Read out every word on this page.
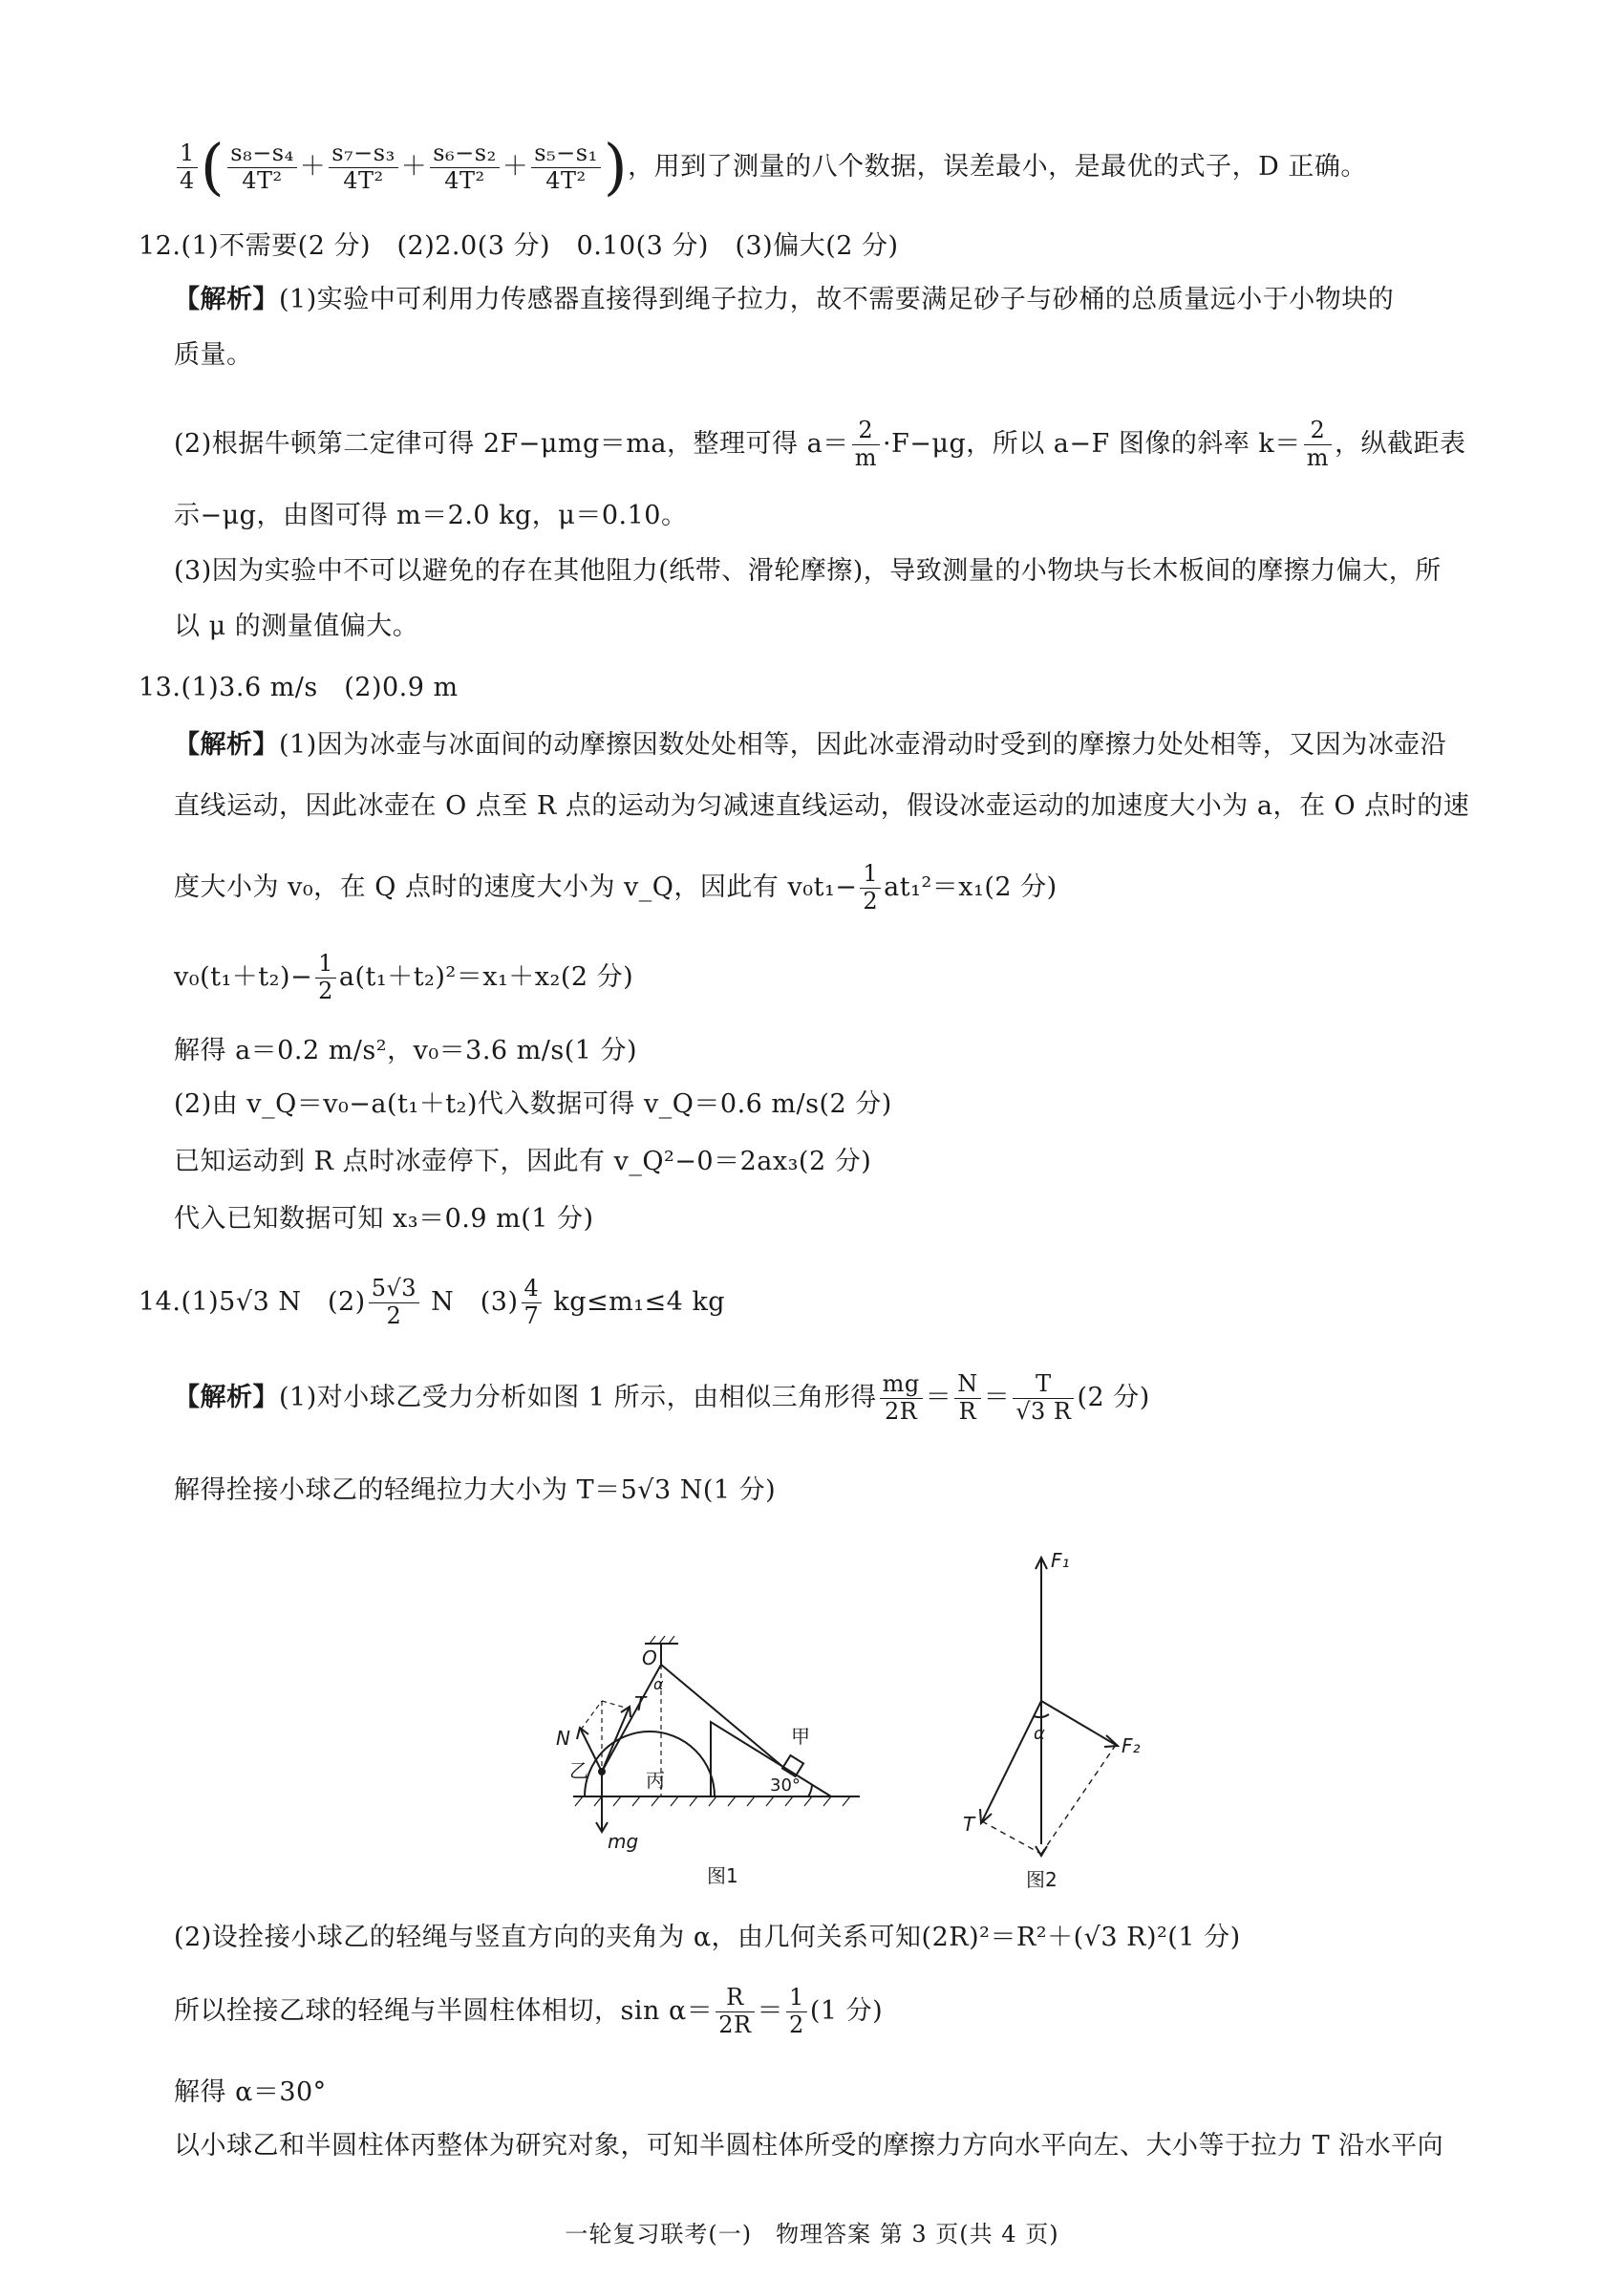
$\frac{1}{4}$ ( $\frac{\text{s₈−s₄}}{\text{4T²}} + \frac{\text{s₇−s₃}}{\text{4T²}} + \frac{\text{s₆−s₂}}{\text{4T²}} + \frac{\text{s₅−s₁}}{\text{4T²}}$ )，用到了测量的八个数据，误差最小，是最优的式子，D 正确。
12.(1)不需要(2 分)　(2)2.0(3 分)　0.10(3 分)　(3)偏大(2 分)
【解析】(1)实验中可利用力传感器直接得到绳子拉力，故不需要满足砂子与砂桶的总质量远小于小物块的
质量。
(2)根据牛顿第二定律可得 2F−μmg＝ma，整理可得 $a= \frac{2}{m} \cdot F-\mu g$，所以 a−F 图像的斜率 $k= \frac{2}{m}$ ，纵截距表
示−μg，由图可得 m＝2.0 kg，μ＝0.10。
(3)因为实验中不可以避免的存在其他阻力(纸带、滑轮摩擦)，导致测量的小物块与长木板间的摩擦力偏大，所
以 μ 的测量值偏大。
13.(1)3.6 m/s　(2)0.9 m
【解析】(1)因为冰壶与冰面间的动摩擦因数处处相等，因此冰壶滑动时受到的摩擦力处处相等，又因为冰壶沿
直线运动，因此冰壶在 O 点至 R 点的运动为匀减速直线运动，假设冰壶运动的加速度大小为 a，在 O 点时的速
度大小为 v₀，在 Q 点时的速度大小为 v_Q，因此有 $v_0t_1- \frac{1}{2} at_1^2=x_1(2$ 分)
$v_0(t_1+t_2)- \frac{1}{2} a(t_1+t_2)^2=x_1+x_2(2$ 分)
解得 a＝0.2 m/s²，v₀＝3.6 m/s(1 分)
(2)由 v_Q＝v₀−a(t₁＋t₂)代入数据可得 v_Q＝0.6 m/s(2 分)
已知运动到 R 点时冰壶停下，因此有 v_Q²−0＝2ax₃(2 分)
代入已知数据可知 x₃＝0.9 m(1 分)
14.(1)5√3 N　$(2) \frac{5√3}{2}$ N　$(3) \frac{4}{7} kg\le m_1\le 4$ kg
【解析】(1)对小球乙受力分析如图 1 所示，由相似三角形得 $\frac{mg}{2R} = \frac{N}{R} = \frac{T}{√3 R} (2$ 分)
解得拴接小球乙的轻绳拉力大小为 T＝5√3 N(1 分)
O
α
T
N
mg
乙	丙
甲
30°
图1
F₁
F₂
T
α
图2
(2)设拴接小球乙的轻绳与竖直方向的夹角为 α，由几何关系可知(2R)²＝R²＋(√3 R)²(1 分)
所以拴接乙球的轻绳与半圆柱体相切，$\sin \alpha= \frac{R}{2R} = \frac{1}{2} (1$ 分)
解得 α＝30°
以小球乙和半圆柱体丙整体为研究对象，可知半圆柱体所受的摩擦力方向水平向左、大小等于拉力 T 沿水平向
一轮复习联考(一)　物理答案 第 3 页(共 4 页)
